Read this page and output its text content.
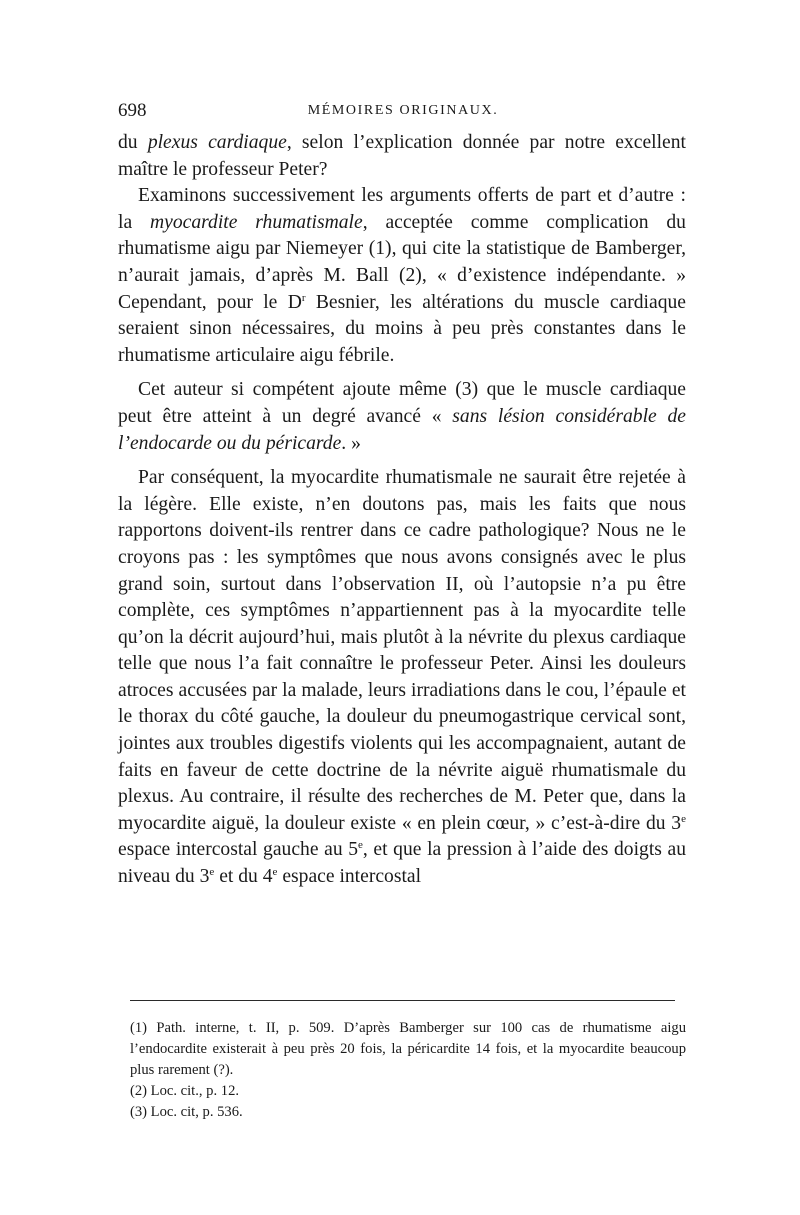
698	MÉMOIRES ORIGINAUX.

du plexus cardiaque, selon l’explication donnée par notre excellent maître le professeur Peter?

Examinons successivement les arguments offerts de part et d’autre : la myocardite rhumatismale, acceptée comme complication du rhumatisme aigu par Niemeyer (1), qui cite la statistique de Bamberger, n’aurait jamais, d’après M. Ball (2), « d’existence indépendante. » Cependant, pour le $D^r$ Besnier, les altérations du muscle cardiaque seraient sinon nécessaires, du moins à peu près constantes dans le rhumatisme articulaire aigu fébrile.

Cet auteur si compétent ajoute même (3) que le muscle cardiaque peut être atteint à un degré avancé « sans lésion considérable de l’endocarde ou du péricarde. »

Par conséquent, la myocardite rhumatismale ne saurait être rejetée à la légère. Elle existe, n’en doutons pas, mais les faits que nous rapportons doivent-ils rentrer dans ce cadre pathologique? Nous ne le croyons pas : les symptômes que nous avons consignés avec le plus grand soin, surtout dans l’observation II, où l’autopsie n’a pu être complète, ces symptômes n’appartiennent pas à la myocardite telle qu’on la décrit aujourd’hui, mais plutôt à la névrite du plexus cardiaque telle que nous l’a fait connaître le professeur Peter. Ainsi les douleurs atroces accusées par la malade, leurs irradiations dans le cou, l’épaule et le thorax du côté gauche, la douleur du pneumogastrique cervical sont, jointes aux troubles digestifs violents qui les accompagnaient, autant de faits en faveur de cette doctrine de la névrite aiguë rhumatismale du plexus. Au contraire, il résulte des recherches de M. Peter que, dans la myocardite aiguë, la douleur existe « en plein cœur, » c’est-à-dire du 3e espace intercostal gauche au 5e, et que la pression à l’aide des doigts au niveau du 3e et du 4e espace intercostal

(1) Path. interne, t. II, p. 509. D’après Bamberger sur 100 cas de rhumatisme aigu l’endocardite existerait à peu près 20 fois, la péricardite 14 fois, et la myocardite beaucoup plus rarement (?).

(2) Loc. cit., p. 12.

(3) Loc. cit, p. 536.
